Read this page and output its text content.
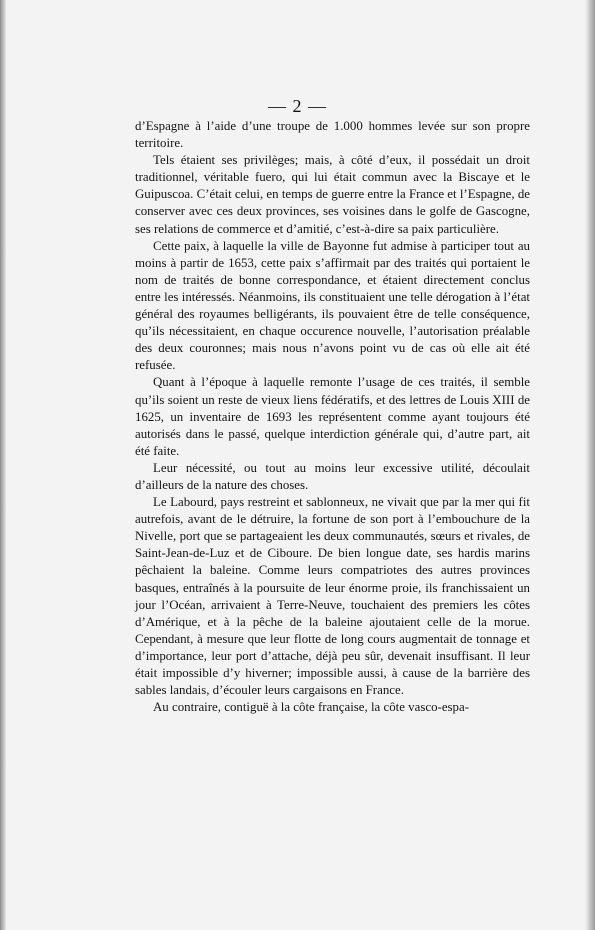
— 2 —

d’Espagne à l’aide d’une troupe de 1.000 hommes levée sur son propre territoire.

Tels étaient ses privilèges; mais, à côté d’eux, il possédait un droit traditionnel, véritable fuero, qui lui était commun avec la Biscaye et le Guipuscoa. C’était celui, en temps de guerre entre la France et l’Espagne, de conserver avec ces deux provinces, ses voisines dans le golfe de Gascogne, ses relations de commerce et d’amitié, c’est-à-dire sa paix particulière.

Cette paix, à laquelle la ville de Bayonne fut admise à participer tout au moins à partir de 1653, cette paix s’affirmait par des traités qui portaient le nom de traités de bonne correspondance, et étaient directement conclus entre les intéressés. Néanmoins, ils constituaient une telle dérogation à l’état général des royaumes belligérants, ils pouvaient être de telle conséquence, qu’ils nécessitaient, en chaque occurence nouvelle, l’autorisation préalable des deux couronnes; mais nous n’avons point vu de cas où elle ait été refusée.

Quant à l’époque à laquelle remonte l’usage de ces traités, il semble qu’ils soient un reste de vieux liens fédératifs, et des lettres de Louis XIII de 1625, un inventaire de 1693 les représentent comme ayant toujours été autorisés dans le passé, quelque interdiction générale qui, d’autre part, ait été faite.

Leur nécessité, ou tout au moins leur excessive utilité, découlait d’ailleurs de la nature des choses.

Le Labourd, pays restreint et sablonneux, ne vivait que par la mer qui fit autrefois, avant de le détruire, la fortune de son port à l’embouchure de la Nivelle, port que se partageaient les deux communautés, sœurs et rivales, de Saint-Jean-de-Luz et de Ciboure. De bien longue date, ses hardis marins pêchaient la baleine. Comme leurs compatriotes des autres provinces basques, entraînés à la poursuite de leur énorme proie, ils franchissaient un jour l’Océan, arrivaient à Terre-Neuve, touchaient des premiers les côtes d’Amérique, et à la pêche de la baleine ajoutaient celle de la morue. Cependant, à mesure que leur flotte de long cours augmentait de tonnage et d’importance, leur port d’attache, déjà peu sûr, devenait insuffisant. Il leur était impossible d’y hiverner; impossible aussi, à cause de la barrière des sables landais, d’écouler leurs cargaisons en France.

Au contraire, contiguë à la côte française, la côte vasco-espa-
